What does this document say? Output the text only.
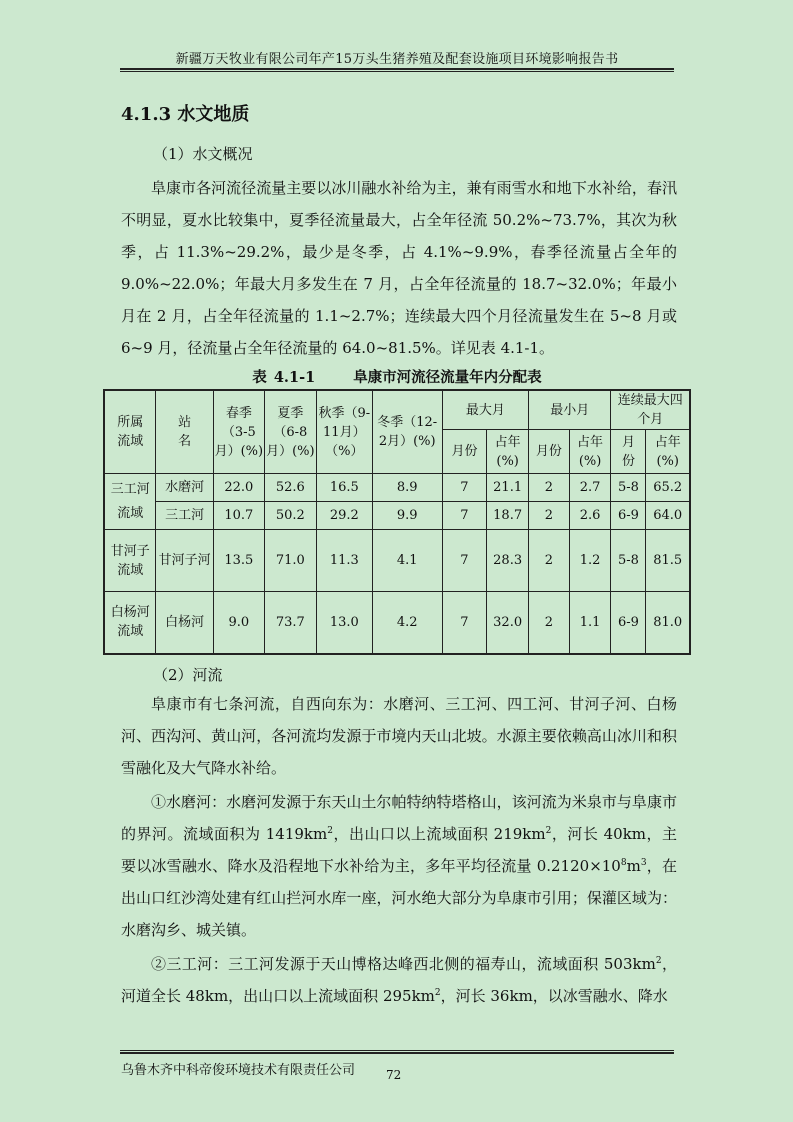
新疆万天牧业有限公司年产15万头生猪养殖及配套设施项目环境影响报告书
4.1.3 水文地质
（1）水文概况
阜康市各河流径流量主要以冰川融水补给为主，兼有雨雪水和地下水补给，春汛不明显，夏水比较集中，夏季径流量最大，占全年径流 50.2%~73.7%，其次为秋季，占 11.3%~29.2%，最少是冬季，占 4.1%~9.9%，春季径流量占全年的 9.0%~22.0%；年最大月多发生在 7 月，占全年径流量的 18.7~32.0%；年最小月在 2 月，占全年径流量的 1.1~2.7%；连续最大四个月径流量发生在 5~8 月或 6~9 月，径流量占全年径流量的 64.0~81.5%。详见表 4.1-1。
表 4.1-1	阜康市河流径流量年内分配表
所属流域	站名	春季（3-5月）(%)	夏季（6-8月）(%)	秋季（9-11月）（%）	冬季（12-2月）(%)	最大月		最小月		连续最大四个月	
						月份	占年(%)	月份	占年(%)	月份	占年(%)
三工河流域	水磨河	22.0	52.6	16.5	8.9	7	21.1	2	2.7	5-8	65.2
	三工河	10.7	50.2	29.2	9.9	7	18.7	2	2.6	6-9	64.0
甘河子流域	甘河子河	13.5	71.0	11.3	4.1	7	28.3	2	1.2	5-8	81.5
白杨河流域	白杨河	9.0	73.7	13.0	4.2	7	32.0	2	1.1	6-9	81.0
（2）河流
阜康市有七条河流，自西向东为：水磨河、三工河、四工河、甘河子河、白杨河、西沟河、黄山河，各河流均发源于市境内天山北坡。水源主要依赖高山冰川和积雪融化及大气降水补给。
①水磨河：水磨河发源于东天山土尔帕特纳特塔格山，该河流为米泉市与阜康市的界河。流域面积为 $1419km^2$，出山口以上流域面积 $219km^2$，河长 40km，主要以冰雪融水、降水及沿程地下水补给为主，多年平均径流量 $0.2120\times 10^8m^3$，在出山口红沙湾处建有红山拦河水库一座，河水绝大部分为阜康市引用；保灌区域为：水磨沟乡、城关镇。
②三工河：三工河发源于天山博格达峰西北侧的福寿山，流域面积 $503km^2$，河道全长 48km，出山口以上流域面积 $295km^2$，河长 36km，以冰雪融水、降水
乌鲁木齐中科帝俊环境技术有限责任公司	72
